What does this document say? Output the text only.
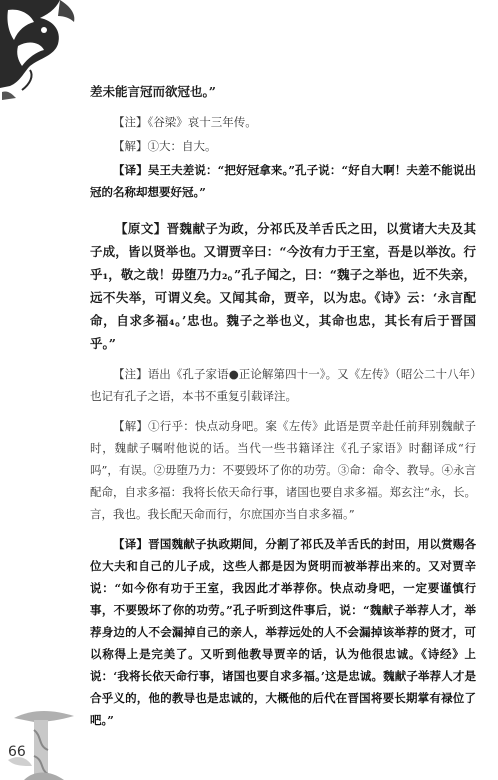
差未能言冠而欲冠也。”

【注】《谷梁》哀十三年传。

【解】①大：自大。

【译】吴王夫差说：“把好冠拿来。”孔子说：“好自大啊！夫差不能说出冠的名称却想要好冠。”

【原文】晋魏献子为政，分祁氏及羊舌氏之田，以赏诸大夫及其子成，皆以贤举也。又谓贾辛曰：“今汝有力于王室，吾是以举汝。行乎₁，敬之哉！毋堕乃力₂。”孔子闻之，曰：“魏子之举也，近不失亲，远不失举，可谓义矣。又闻其命，贾辛，以为忠。《诗》云：‘永言配命，自求多福₄。’忠也。魏子之举也义，其命也忠，其长有后于晋国乎。”

【注】语出《孔子家语●正论解第四十一》。又《左传》（昭公二十八年）也记有孔子之语，本书不重复引载译注。

【解】①行乎：快点动身吧。案《左传》此语是贾辛赴任前拜别魏献子时，魏献子嘱咐他说的话。当代一些书籍译注《孔子家语》时翻译成“行吗”，有误。②毋堕乃力：不要毁坏了你的功劳。③命：命令、教导。④永言配命，自求多福：我将长依天命行事，诸国也要自求多福。郑玄注“永，长。言，我也。我长配天命而行，尔庶国亦当自求多福。”

【译】晋国魏献子执政期间，分割了祁氏及羊舌氏的封田，用以赏赐各位大夫和自己的儿子成，这些人都是因为贤明而被举荐出来的。又对贾辛说：“如今你有功于王室，我因此才举荐你。快点动身吧，一定要谨慎行事，不要毁坏了你的功劳。”孔子听到这件事后，说：“魏献子举荐人才，举荐身边的人不会漏掉自己的亲人，举荐远处的人不会漏掉该举荐的贤才，可以称得上是完美了。又听到他教导贾辛的话，认为他很忠诚。《诗经》上说：‘我将长依天命行事，诸国也要自求多福。’这是忠诚。魏献子举荐人才是合乎义的，他的教导也是忠诚的，大概他的后代在晋国将要长期掌有禄位了吧。”

66
